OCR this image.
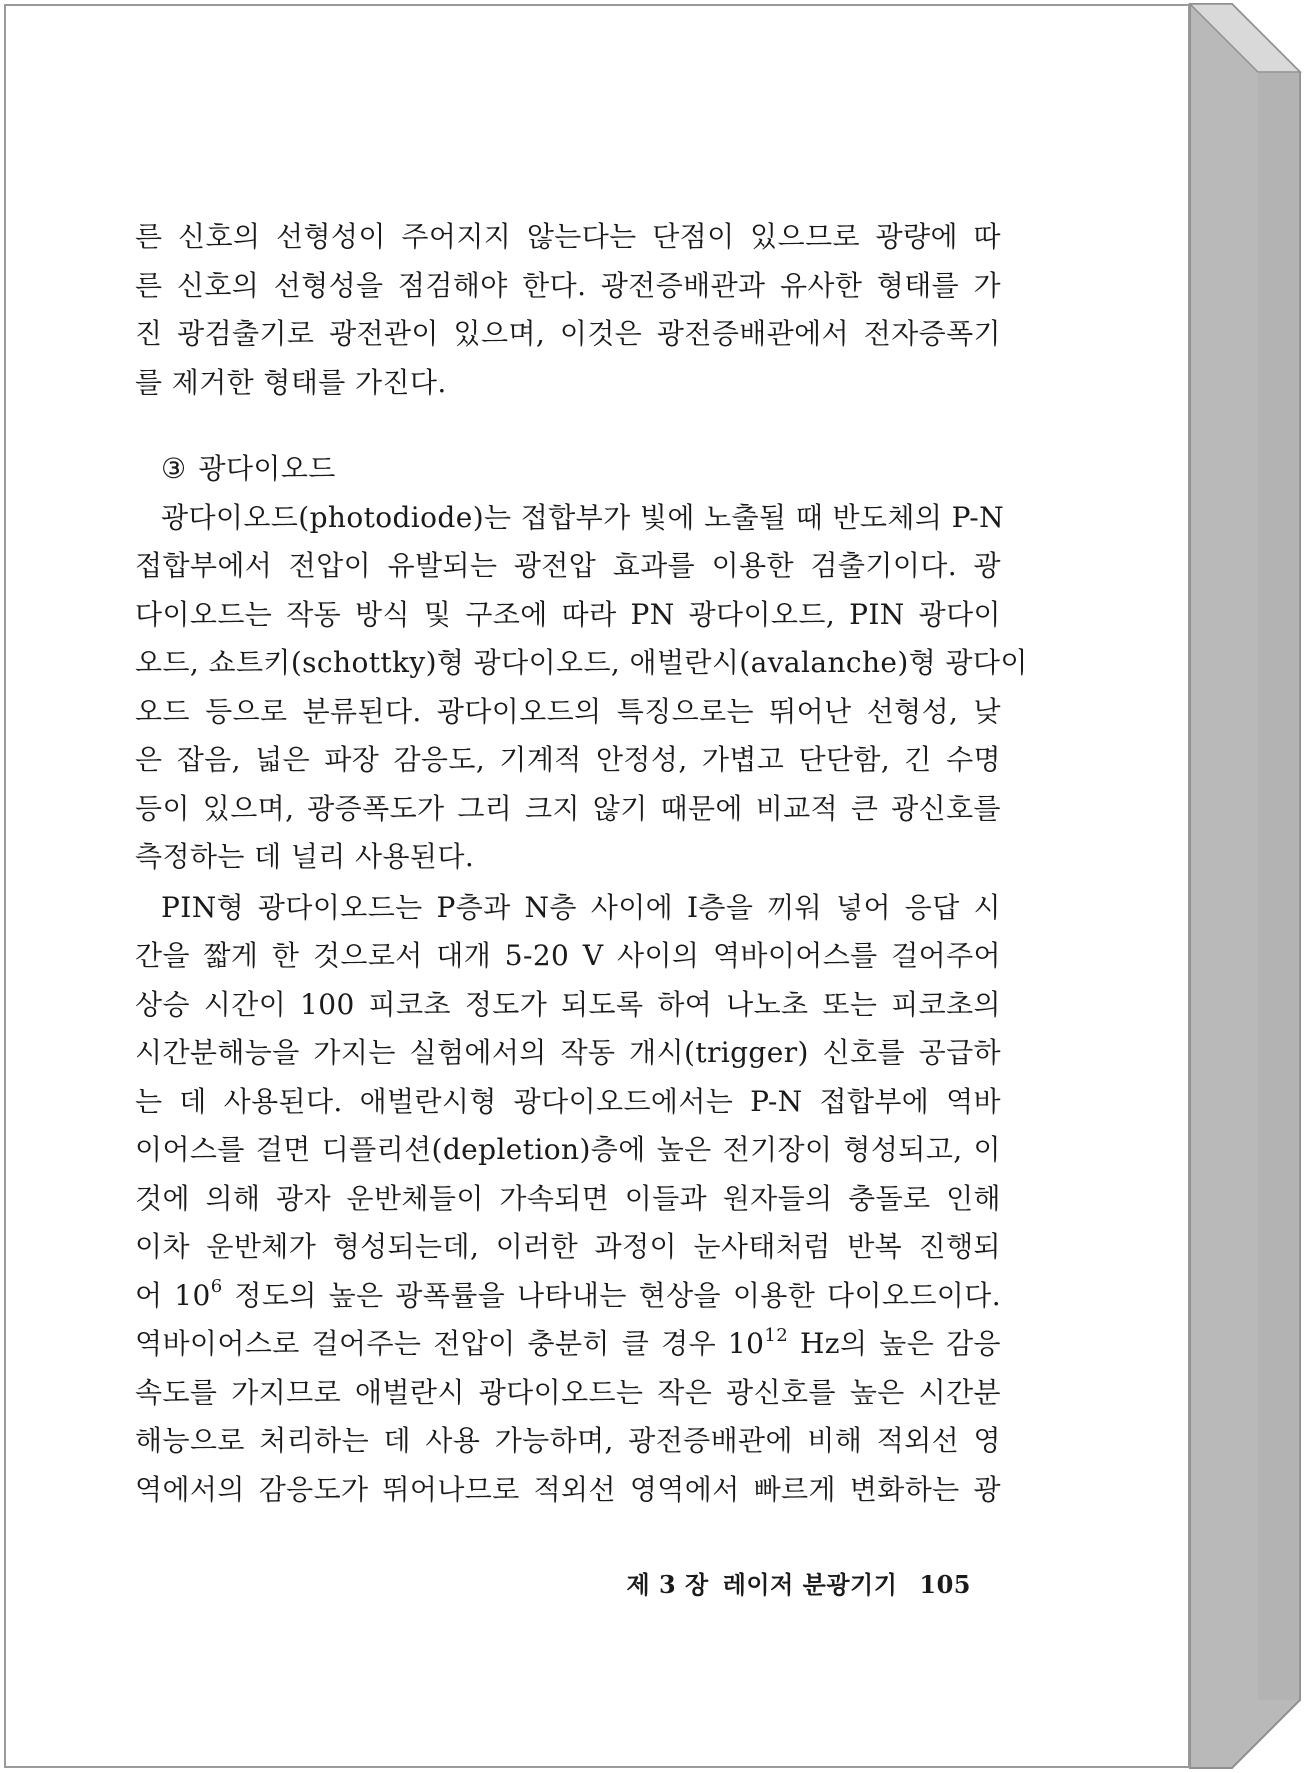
른 신호의 선형성이 주어지지 않는다는 단점이 있으므로 광량에 따
른 신호의 선형성을 점검해야 한다. 광전증배관과 유사한 형태를 가
진 광검출기로 광전관이 있으며, 이것은 광전증배관에서 전자증폭기
를 제거한 형태를 가진다.
③ 광다이오드
광다이오드(photodiode)는 접합부가 빛에 노출될 때 반도체의 P-N
접합부에서 전압이 유발되는 광전압 효과를 이용한 검출기이다. 광
다이오드는 작동 방식 및 구조에 따라 PN 광다이오드, PIN 광다이
오드, 쇼트키(schottky)형 광다이오드, 애벌란시(avalanche)형 광다이
오드 등으로 분류된다. 광다이오드의 특징으로는 뛰어난 선형성, 낮
은 잡음, 넓은 파장 감응도, 기계적 안정성, 가볍고 단단함, 긴 수명
등이 있으며, 광증폭도가 그리 크지 않기 때문에 비교적 큰 광신호를
측정하는 데 널리 사용된다.
PIN형 광다이오드는 P층과 N층 사이에 I층을 끼워 넣어 응답 시
간을 짧게 한 것으로서 대개 5-20 V 사이의 역바이어스를 걸어주어
상승 시간이 100 피코초 정도가 되도록 하여 나노초 또는 피코초의
시간분해능을 가지는 실험에서의 작동 개시(trigger) 신호를 공급하
는 데 사용된다. 애벌란시형 광다이오드에서는 P-N 접합부에 역바
이어스를 걸면 디플리션(depletion)층에 높은 전기장이 형성되고, 이
것에 의해 광자 운반체들이 가속되면 이들과 원자들의 충돌로 인해
이차 운반체가 형성되는데, 이러한 과정이 눈사태처럼 반복 진행되
어 $10^6$ 정도의 높은 광폭률을 나타내는 현상을 이용한 다이오드이다.
역바이어스로 걸어주는 전압이 충분히 클 경우 $10^{12}$ Hz의 높은 감응
속도를 가지므로 애벌란시 광다이오드는 작은 광신호를 높은 시간분
해능으로 처리하는 데 사용 가능하며, 광전증배관에 비해 적외선 영
역에서의 감응도가 뛰어나므로 적외선 영역에서 빠르게 변화하는 광
제 3 장 레이저 분광기기 105
